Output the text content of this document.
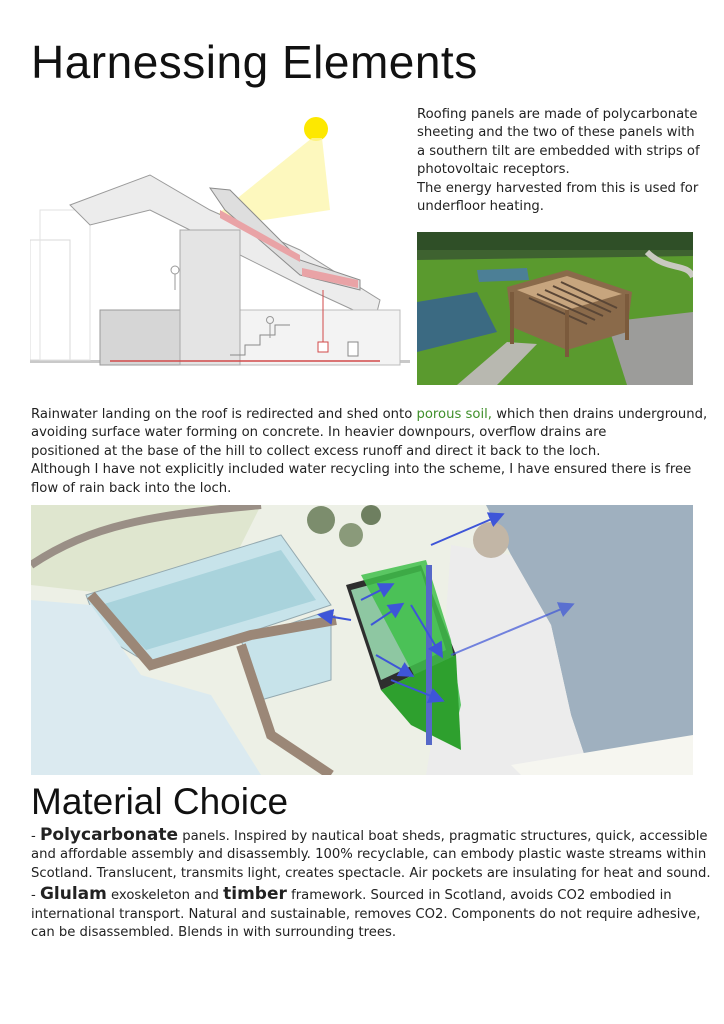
Harnessing Elements
Roofing panels are made of polycarbonate
sheeting and the two of these panels with
a southern tilt are embedded with strips of
photovoltaic receptors.
The energy harvested from this is used for
underfloor heating.
Rainwater landing on the roof is redirected and shed onto porous soil, which then drains underground,
avoiding surface water forming on concrete. In heavier downpours, overflow drains are
positioned at the base of the hill to collect excess runoff and direct it back to the loch.
Although I have not explicitly included water recycling into the scheme, I have ensured there is free
flow of rain back into the loch.
Material Choice
- Polycarbonate panels. Inspired by nautical boat sheds, pragmatic structures, quick, accessible
and affordable assembly and disassembly. 100% recyclable, can embody plastic waste streams within
Scotland. Translucent, transmits light, creates spectacle. Air pockets are insulating for heat and sound.
- Glulam exoskeleton and timber framework. Sourced in Scotland, avoids CO2 embodied in
international transport. Natural and sustainable, removes CO2. Components do not require adhesive,
can be disassembled. Blends in with surrounding trees.
